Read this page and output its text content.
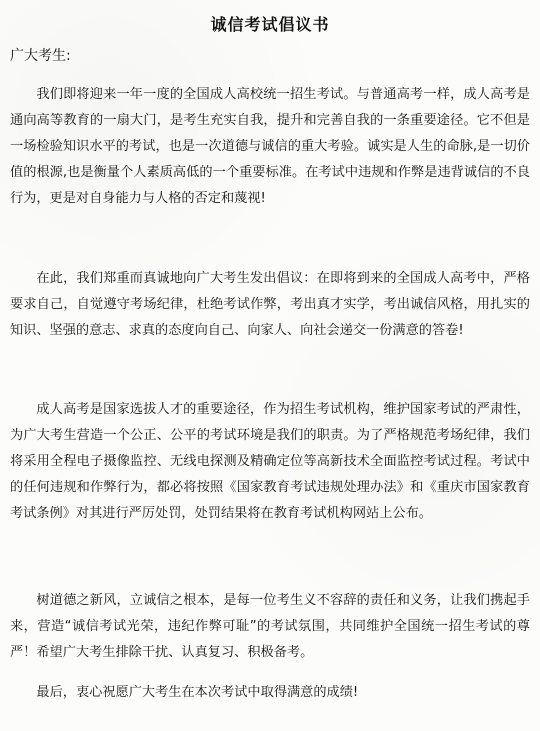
诚信考试倡议书
广大考生:

我们即将迎来一年一度的全国成人高校统一招生考试。与普通高考一样，成人高考是通向高等教育的一扇大门，是考生充实自我，提升和完善自我的一条重要途径。它不但是一场检验知识水平的考试，也是一次道德与诚信的重大考验。诚实是人生的命脉,是一切价值的根源,也是衡量个人素质高低的一个重要标准。在考试中违规和作弊是违背诚信的不良行为，更是对自身能力与人格的否定和蔑视!

在此，我们郑重而真诚地向广大考生发出倡议：在即将到来的全国成人高考中，严格要求自己，自觉遵守考场纪律，杜绝考试作弊，考出真才实学，考出诚信风格，用扎实的知识、坚强的意志、求真的态度向自己、向家人、向社会递交一份满意的答卷!

成人高考是国家选拔人才的重要途径，作为招生考试机构，维护国家考试的严肃性，为广大考生营造一个公正、公平的考试环境是我们的职责。为了严格规范考场纪律，我们将采用全程电子摄像监控、无线电探测及精确定位等高新技术全面监控考试过程。考试中的任何违规和作弊行为，都必将按照《国家教育考试违规处理办法》和《重庆市国家教育考试条例》对其进行严厉处罚，处罚结果将在教育考试机构网站上公布。

树道德之新风，立诚信之根本，是每一位考生义不容辞的责任和义务，让我们携起手来，营造“诚信考试光荣，违纪作弊可耻”的考试氛围，共同维护全国统一招生考试的尊严！希望广大考生排除干扰、认真复习、积极备考。

最后，衷心祝愿广大考生在本次考试中取得满意的成绩!
